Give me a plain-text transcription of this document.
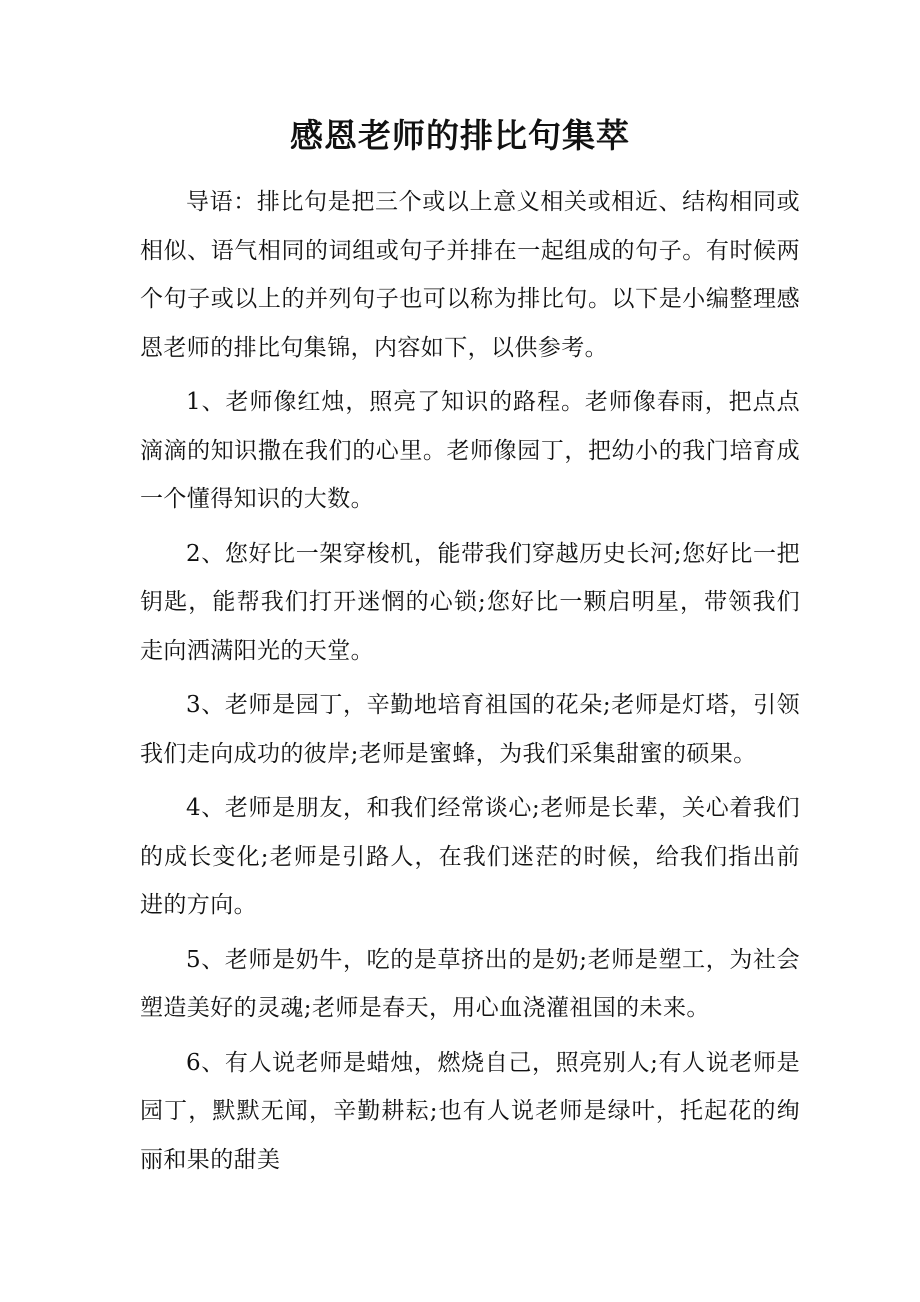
感恩老师的排比句集萃

导语：排比句是把三个或以上意义相关或相近、结构相同或相似、语气相同的词组或句子并排在一起组成的句子。有时候两个句子或以上的并列句子也可以称为排比句。以下是小编整理感恩老师的排比句集锦，内容如下，以供参考。

1、老师像红烛，照亮了知识的路程。老师像春雨，把点点滴滴的知识撒在我们的心里。老师像园丁，把幼小的我门培育成一个懂得知识的大数。

2、您好比一架穿梭机，能带我们穿越历史长河;您好比一把钥匙，能帮我们打开迷惘的心锁;您好比一颗启明星，带领我们走向洒满阳光的天堂。

3、老师是园丁，辛勤地培育祖国的花朵;老师是灯塔，引领我们走向成功的彼岸;老师是蜜蜂，为我们采集甜蜜的硕果。

4、老师是朋友，和我们经常谈心;老师是长辈，关心着我们的成长变化;老师是引路人，在我们迷茫的时候，给我们指出前进的方向。

5、老师是奶牛，吃的是草挤出的是奶;老师是塑工，为社会塑造美好的灵魂;老师是春天，用心血浇灌祖国的未来。

6、有人说老师是蜡烛，燃烧自己，照亮别人;有人说老师是园丁，默默无闻，辛勤耕耘;也有人说老师是绿叶，托起花的绚丽和果的甜美
